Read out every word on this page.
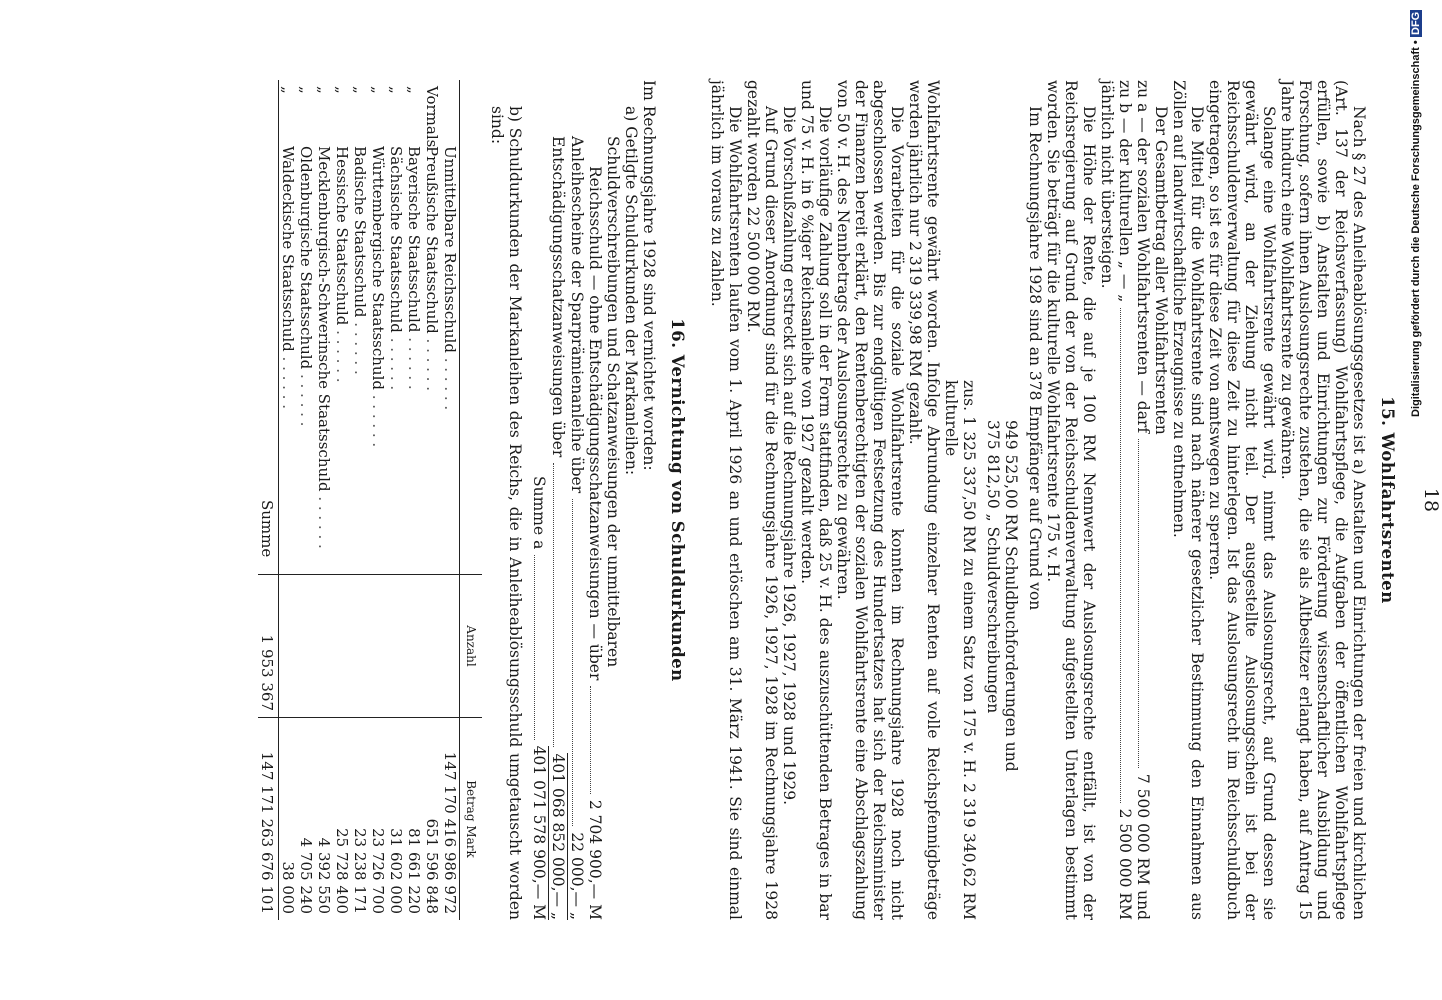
18
15. Wohlfahrtsrenten

Nach § 27 des Anleiheablösungsgesetzes ist a) Anstalten und Einrichtungen der freien und kirchlichen (Art. 137 der Reichsverfassung) Wohlfahrtspflege, die Aufgaben der öffentlichen Wohlfahrtspflege erfüllen, sowie b) Anstalten und Einrichtungen zur Förderung wissenschaftlicher Ausbildung und Forschung, sofern ihnen Auslosungsrechte zustehen, die sie als Altbesitzer erlangt haben, auf Antrag 15 Jahre hindurch eine Wohlfahrtsrente zu gewähren.

Solange eine Wohlfahrtsrente gewährt wird, nimmt das Auslosungsrecht, auf Grund dessen sie gewährt wird, an der Ziehung nicht teil. Der ausgestellte Auslosungsschein ist bei der Reichsschuldenverwaltung für diese Zeit zu hinterlegen. Ist das Auslosungsrecht im Reichsschuldbuch eingetragen, so ist es für diese Zeit von amtswegen zu sperren.

Die Mittel für die Wohlfahrtsrente sind nach näherer gesetzlicher Bestimmung den Einnahmen aus Zöllen auf landwirtschaftliche Erzeugnisse zu entnehmen.

Der Gesamtbetrag aller Wohlfahrtsrenten

zu a — der sozialen Wohlfahrtsrenten — darf
7 500 000 RM und
zu b — der kulturellen „ — „
2 500 000 RM

jährlich nicht übersteigen.

Die Höhe der Rente, die auf je 100 RM Nennwert der Auslosungsrechte entfällt, ist von der Reichsregierung auf Grund der von der Reichsschuldenverwaltung aufgestellten Unterlagen bestimmt worden. Sie beträgt für die kulturelle Wohlfahrtsrente 175 v. H.

Im Rechnungsjahre 1928 sind an 378 Empfänger auf Grund von

949 525,00 RM Schuldbuchforderungen und
375 812,50 „ Schuldverschreibungen

zus. 1 325 337,50 RM zu einem Satz von 175 v. H. 2 319 340,62 RM kulturelle

Wohlfahrtsrente gewährt worden. Infolge Abrundung einzelner Renten auf volle Reichspfennigbeträge werden jährlich nur 2 319 339,98 RM gezahlt.

Die Vorarbeiten für die soziale Wohlfahrtsrente konnten im Rechnungsjahre 1928 noch nicht abgeschlossen werden. Bis zur endgültigen Festsetzung des Hundertsatzes hat sich der Reichsminister der Finanzen bereit erklärt, den Rentenberechtigten der sozialen Wohlfahrtsrente eine Abschlagszahlung von 50 v. H. des Nennbetrags der Auslosungsrechte zu gewähren.

Die vorläufige Zahlung soll in der Form stattfinden, daß 25 v. H. des auszuschüttenden Betrages in bar und 75 v. H. in 6 %iger Reichsanleihe von 1927 gezahlt werden.

Die Vorschußzahlung erstreckt sich auf die Rechnungsjahre 1926, 1927, 1928 und 1929.

Auf Grund dieser Anordnung sind für die Rechnungsjahre 1926, 1927, 1928 im Rechnungsjahre 1928 gezahlt worden 22 500 000 RM.

Die Wohlfahrtsrenten laufen vom 1. April 1926 an und erlöschen am 31. März 1941. Sie sind einmal jährlich im voraus zu zahlen.

16. Vernichtung von Schuldurkunden

Im Rechnungsjahre 1928 sind vernichtet worden:

a) Getilgte Schuldurkunden der Markanleihen:

Schuldverschreibungen und Schatzanweisungen der unmittelbaren

Reichsschuld — ohne Entschädigungsschatzanweisungen — über
2 704 900,— M
Anleihescheine der Sparprämienanleihe über
22 000,— „
Entschädigungsschatzanweisungen über
401 068 852 000,— „
Summe a
401 071 578 900,— M

b) Schuldurkunden der Markanleihen des Reichs, die in Anleiheablösungsschuld umgetauscht worden sind:

	Anzahl	Betrag Mark
Unmittelbare Reichsschuld . . . . . .		147 170 416 986 972
VormalsPreußische Staatsschuld . . . . . .		651 596 848
„Bayerische Staatsschuld . . . . . .		81 661 220
„Sächsische Staatsschuld . . . . . .		31 602 000
„Württembergische Staatsschuld . . . . . .		23 726 700
„Badische Staatsschuld . . . . . .		23 238 171
„Hessische Staatsschuld . . . . . .		25 728 400
„Mecklenburgisch-Schwerinsche Staatsschuld . . . . . .		4 392 550
„Oldenburgische Staatsschuld . . . . . .		4 705 240
„Waldeckische Staatsschuld . . . . . .		38 000
Summe	1 953 367	147 171 263 676 101
Digitalisierung gefördert durch die Deutsche Forschungsgemeinschaft • DFG
